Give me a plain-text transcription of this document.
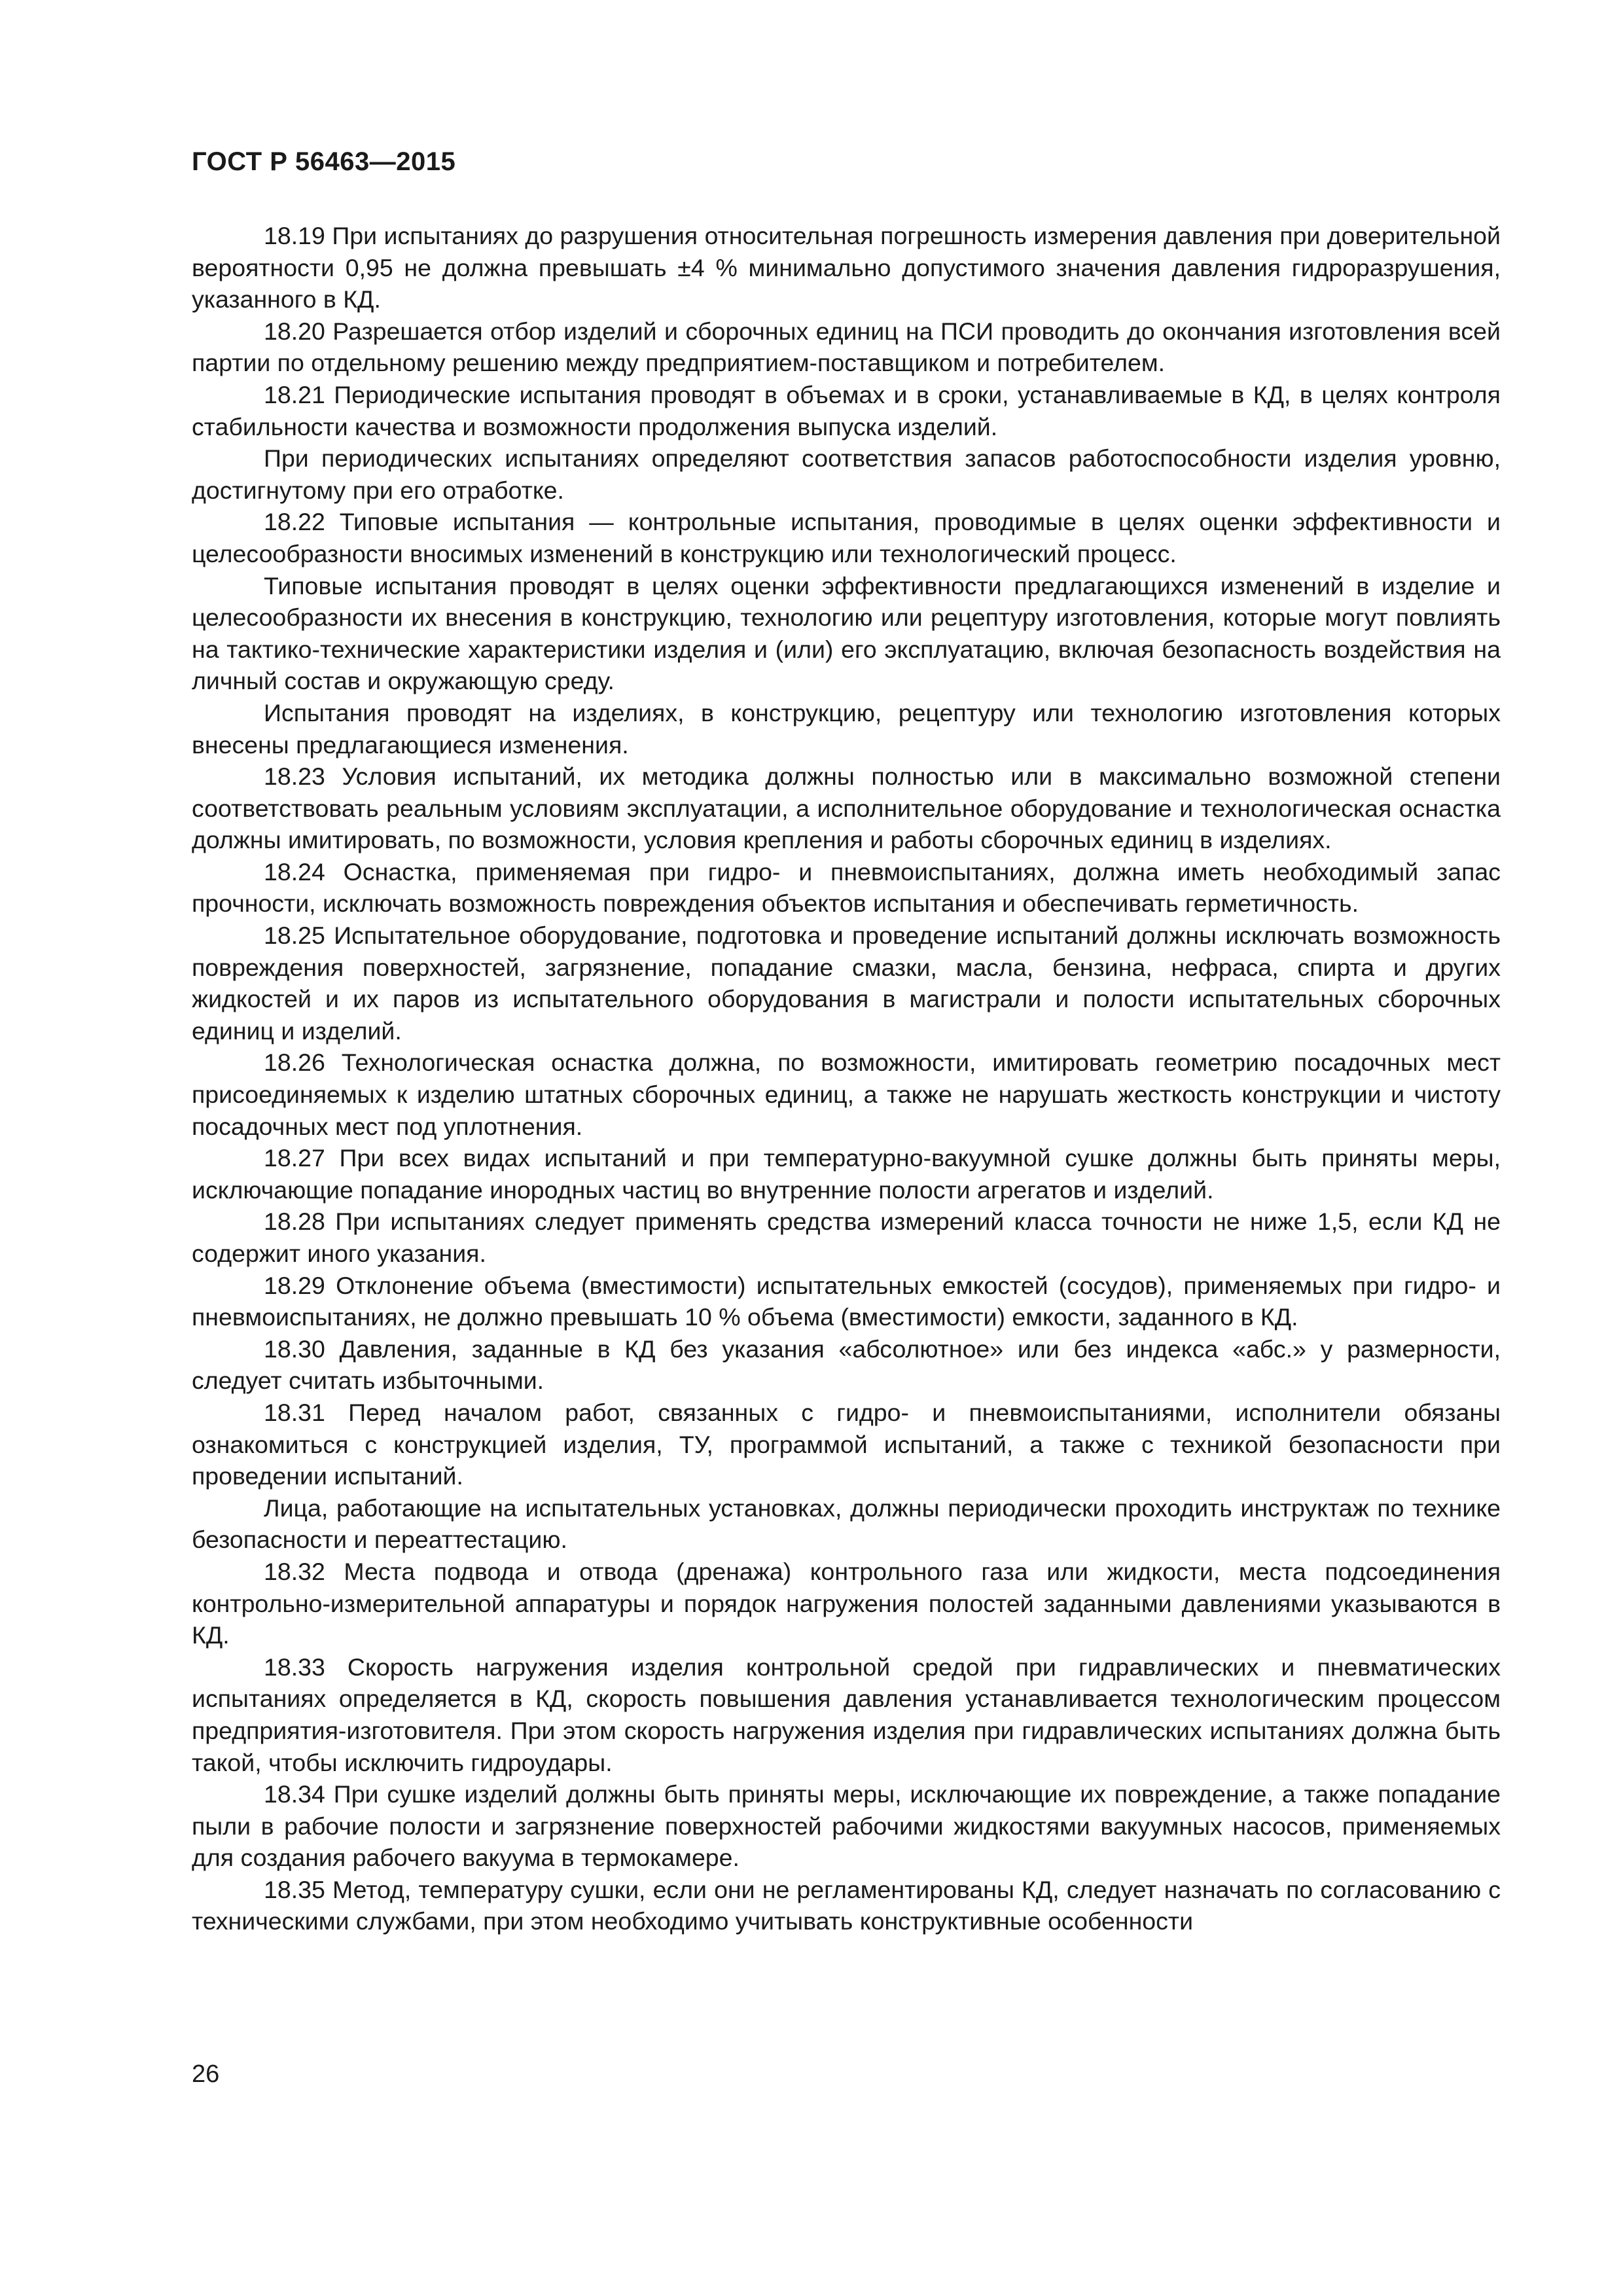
ГОСТ Р 56463—2015

18.19 При испытаниях до разрушения относительная погрешность измерения давления при доверительной вероятности 0,95 не должна превышать ±4 % минимально допустимого значения давления гидроразрушения, указанного в КД.

18.20 Разрешается отбор изделий и сборочных единиц на ПСИ проводить до окончания изготовления всей партии по отдельному решению между предприятием-поставщиком и потребителем.

18.21 Периодические испытания проводят в объемах и в сроки, устанавливаемые в КД, в целях контроля стабильности качества и возможности продолжения выпуска изделий.

При периодических испытаниях определяют соответствия запасов работоспособности изделия уровню, достигнутому при его отработке.

18.22 Типовые испытания — контрольные испытания, проводимые в целях оценки эффективности и целесообразности вносимых изменений в конструкцию или технологический процесс.

Типовые испытания проводят в целях оценки эффективности предлагающихся изменений в изделие и целесообразности их внесения в конструкцию, технологию или рецептуру изготовления, которые могут повлиять на тактико-технические характеристики изделия и (или) его эксплуатацию, включая безопасность воздействия на личный состав и окружающую среду.

Испытания проводят на изделиях, в конструкцию, рецептуру или технологию изготовления которых внесены предлагающиеся изменения.

18.23 Условия испытаний, их методика должны полностью или в максимально возможной степени соответствовать реальным условиям эксплуатации, а исполнительное оборудование и технологическая оснастка должны имитировать, по возможности, условия крепления и работы сборочных единиц в изделиях.

18.24 Оснастка, применяемая при гидро- и пневмоиспытаниях, должна иметь необходимый запас прочности, исключать возможность повреждения объектов испытания и обеспечивать герметичность.

18.25 Испытательное оборудование, подготовка и проведение испытаний должны исключать возможность повреждения поверхностей, загрязнение, попадание смазки, масла, бензина, нефраса, спирта и других жидкостей и их паров из испытательного оборудования в магистрали и полости испытательных сборочных единиц и изделий.

18.26 Технологическая оснастка должна, по возможности, имитировать геометрию посадочных мест присоединяемых к изделию штатных сборочных единиц, а также не нарушать жесткость конструкции и чистоту посадочных мест под уплотнения.

18.27 При всех видах испытаний и при температурно-вакуумной сушке должны быть приняты меры, исключающие попадание инородных частиц во внутренние полости агрегатов и изделий.

18.28 При испытаниях следует применять средства измерений класса точности не ниже 1,5, если КД не содержит иного указания.

18.29 Отклонение объема (вместимости) испытательных емкостей (сосудов), применяемых при гидро- и пневмоиспытаниях, не должно превышать 10 % объема (вместимости) емкости, заданного в КД.

18.30 Давления, заданные в КД без указания «абсолютное» или без индекса «абс.» у размерности, следует считать избыточными.

18.31 Перед началом работ, связанных с гидро- и пневмоиспытаниями, исполнители обязаны ознакомиться с конструкцией изделия, ТУ, программой испытаний, а также с техникой безопасности при проведении испытаний.

Лица, работающие на испытательных установках, должны периодически проходить инструктаж по технике безопасности и переаттестацию.

18.32 Места подвода и отвода (дренажа) контрольного газа или жидкости, места подсоединения контрольно-измерительной аппаратуры и порядок нагружения полостей заданными давлениями указываются в КД.

18.33 Скорость нагружения изделия контрольной средой при гидравлических и пневматических испытаниях определяется в КД, скорость повышения давления устанавливается технологическим процессом предприятия-изготовителя. При этом скорость нагружения изделия при гидравлических испытаниях должна быть такой, чтобы исключить гидроудары.

18.34 При сушке изделий должны быть приняты меры, исключающие их повреждение, а также попадание пыли в рабочие полости и загрязнение поверхностей рабочими жидкостями вакуумных насосов, применяемых для создания рабочего вакуума в термокамере.

18.35 Метод, температуру сушки, если они не регламентированы КД, следует назначать по согласованию с техническими службами, при этом необходимо учитывать конструктивные особенности

26
